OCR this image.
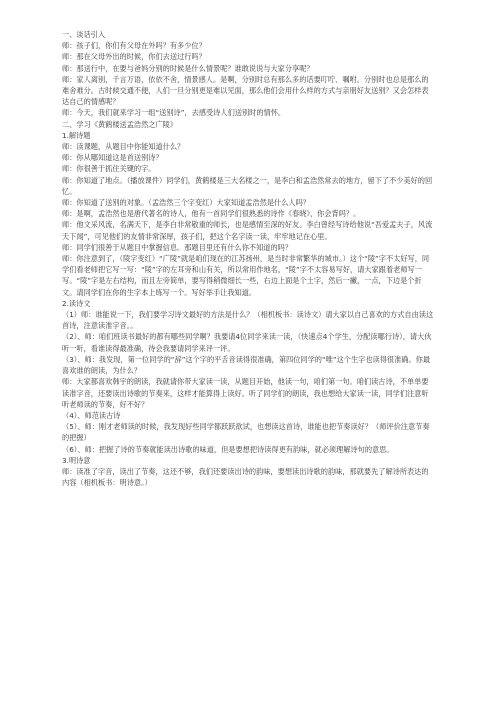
一、谈话引入

师：孩子们，你们有父母在外吗？有多少位？

师：那在父母外出的时候，你们去送过行吗？

师：那送行中，在要与爸妈分别的时候是什么情景呢？谁敢说说与大家分享呢？

师：家人离别，千言万语，依依不舍，情景感人。是啊，分别时总有那么多的话要叮咛、嘱咐。分别时也总是那么的难舍难分。古时候交通不便，人们一旦分别更是难以见面，那么他们会用什么样的方式与亲朋好友送别？又会怎样表达自己的情感呢？

师：今天，我们就来学习一组“送别诗”，去感受诗人们送别时的情怀。

二、学习《黄鹤楼送孟浩然之广陵》

1.解诗题

师：读课题，从题目中你能知道什么？

师：你从哪知道这是首送别诗？

师：你很善于抓住关键的字。

师：你知道了地点。（播放课件）同学们，黄鹤楼是三大名楼之一，是李白和孟浩然常去的地方，留下了不少美好的回忆。

师：你知道了送别的对象。（孟浩然三个字变红）大家知道孟浩然是什么人吗？

师：是啊，孟浩然也是唐代著名的诗人，他有一首同学们很熟悉的诗作《春晓》，你会背吗？。

师：他文采风流，名满天下，是李白非常敬重的师长，也是感情至深的好友。李白曾经写诗给他说“吾爱孟夫子，风流天下闻”，可见他们的友情非常深厚，孩子们，把这个名字读一读，牢牢地记在心里。

师：同学们很善于从题目中掌握信息。那题目里还有什么你不知道的吗？

师：你注意到了，（陵字变红）“广陵”就是咱们现在的江苏扬州，是当时非常繁华的城市。）这个“陵”字不太好写，同学们看老师把它写一写：“陵”字的左耳旁和山有关，所以常用作地名，“陵”字不太容易写好，请大家跟着老师写一写。“陵”字是左右结构，而且左旁简单，要写得稍微细长一些，右边上面是个土字，然后一撇，一点，下边是个折文。请同学们在你的生字本上练写一个。写好举手让我知道。

2.读诗文

（1）师：谁能说一下，我们要学习诗文最好的方法是什么？（相机板书：读诗文）请大家以自己喜欢的方式自由读这首诗，注意读准字音。。

（2）、师：咱们班读书最好的都有哪些同学啊？我要请4位同学来读一读，（快速点4个学生，分配读哪行诗），请大伙听一听，看谁读得最准确，待会我要请同学来评一评。

（3）、师：我发现，第一位同学的“辞”这个字的平舌音读得很准确，第四位同学的“唯”这个生字也读得很准确。你最喜欢谁的朗读，为什么？

师：大家都喜欢韩宇的朗读，我就请你带大家读一读，从题目开始，他读一句，咱们第一句。咱们读古诗，不单单要读准字音，还要读出诗歌的节奏来，这样才能算得上读好。听了同学们的朗读，我也想给大家读一读，同学们注意听听老师读的节奏，好不好？

（4）、师范读古诗

（5）、师：刚才老师读的时候，我发现好些同学都跃跃欲试，也想读这首诗，谁能也把节奏读好？（师评价注意节奏的把握）

（6）、师：把握了诗的节奏就能读出诗歌的味道，但是要想把诗读得更有韵味，就必须理解诗句的意思。

3.明诗意

师：读准了字音，读出了节奏，这还不够，我们还要读出诗的韵味，要想读出诗歌的韵味，那就要先了解诗所表达的内容（相机板书：明诗意。）
